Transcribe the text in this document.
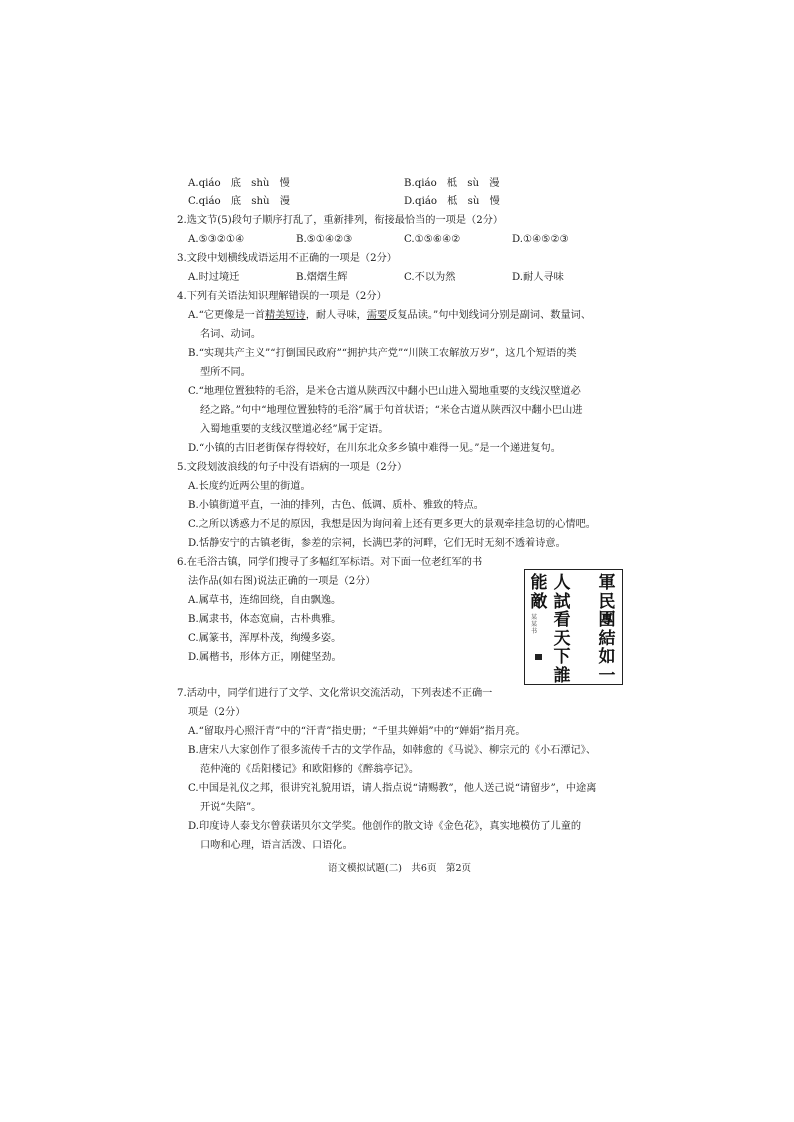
A.qiáo　底　shù　慢	B.qiáo　柢　sù　漫
C.qiáo　底　shù　漫	D.qiáo　柢　sù　慢
2.选文节(5)段句子顺序打乱了，重新排列，衔接最恰当的一项是（2分）
A.⑤③②①④	B.⑤①④②③	C.①⑤⑥④②	D.①④⑤②③
3.文段中划横线成语运用不正确的一项是（2分）
A.时过境迁	B.熠熠生辉	C.不以为然	D.耐人寻味
4.下列有关语法知识理解错误的一项是（2分）
A.“它更像是一首精美短诗，耐人寻味，需要反复品读。”句中划线词分别是副词、数量词、
名词、动词。
B.“实现共产主义”“打倒国民政府”“拥护共产党”“川陕工农解放万岁”，这几个短语的类
型所不同。
C.“地理位置独特的毛浴，是米仓古道从陕西汉中翻小巴山进入蜀地重要的支线汉壁道必
经之路。”句中“地理位置独特的毛浴”属于句首状语；“米仓古道从陕西汉中翻小巴山进
入蜀地重要的支线汉壁道必经”属于定语。
D.“小镇的古旧老街保存得较好，在川东北众多乡镇中难得一见。”是一个递进复句。
5.文段划波浪线的句子中没有语病的一项是（2分）
A.长度约近两公里的街道。
B.小镇街道平直，一油的排列，古色、低调、质朴、雅致的特点。
C.之所以诱惑力不足的原因，我想是因为询问着上还有更多更大的景观牵挂急切的心情吧。
D.恬静安宁的古镇老街，参差的宗祠，长满巴茅的河畔，它们无时无刻不透着诗意。
6.在毛浴古镇，同学们搜寻了多幅红军标语。对下面一位老红军的书
法作品(如右图)说法正确的一项是（2分）
A.属草书，连绵回绕，自由飘逸。
B.属隶书，体态宽扁，古朴典雅。
C.属篆书，浑厚朴茂，绚缦多姿。
D.属楷书，形体方正，刚健坚劲。
軍民團結如一
人試看天下誰
能敵
某某书
7.活动中，同学们进行了文学、文化常识交流活动，下列表述不正确一
项是（2分）
A.“留取丹心照汗青”中的“汗青”指史册；“千里共婵娟”中的“婵娟”指月亮。
B.唐宋八大家创作了很多流传千古的文学作品，如韩愈的《马说》、柳宗元的《小石潭记》、
范仲淹的《岳阳楼记》和欧阳修的《醉翁亭记》。
C.中国是礼仪之邦，很讲究礼貌用语，请人指点说“请赐教”，他人送己说“请留步”，中途离
开说“失陪”。
D.印度诗人泰戈尔曾获诺贝尔文学奖。他创作的散文诗《金色花》，真实地模仿了儿童的
口吻和心理，语言活泼、口语化。
语文模拟试题(二)　共6页　第2页
